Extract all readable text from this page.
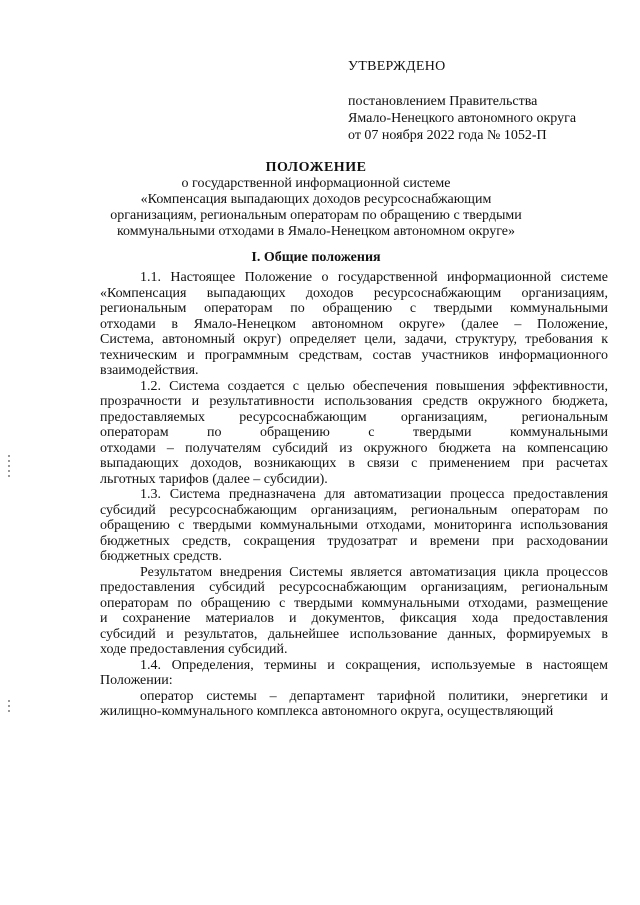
УТВЕРЖДЕНО
постановлением Правительства
Ямало-Ненецкого автономного округа
от 07 ноября 2022 года № 1052-П
ПОЛОЖЕНИЕ
о государственной информационной системе
«Компенсация выпадающих доходов ресурсоснабжающим
организациям, региональным операторам по обращению с твердыми
коммунальными отходами в Ямало-Ненецком автономном округе»
I. Общие положения
1.1. Настоящее Положение о государственной информационной системе
«Компенсация выпадающих доходов ресурсоснабжающим организациям,
региональным операторам по обращению с твердыми коммунальными
отходами в Ямало-Ненецком автономном округе» (далее – Положение,
Система, автономный округ) определяет цели, задачи, структуру, требования к
техническим и программным средствам, состав участников информационного
взаимодействия.
1.2. Система создается с целью обеспечения повышения эффективности,
прозрачности и результативности использования средств окружного бюджета,
предоставляемых ресурсоснабжающим организациям, региональным
операторам по обращению с твердыми коммунальными
отходами – получателям субсидий из окружного бюджета на компенсацию
выпадающих доходов, возникающих в связи с применением при расчетах
льготных тарифов (далее – субсидии).
1.3. Система предназначена для автоматизации процесса предоставления
субсидий ресурсоснабжающим организациям, региональным операторам по
обращению с твердыми коммунальными отходами, мониторинга использования
бюджетных средств, сокращения трудозатрат и времени при расходовании
бюджетных средств.
Результатом внедрения Системы является автоматизация цикла процессов
предоставления субсидий ресурсоснабжающим организациям, региональным
операторам по обращению с твердыми коммунальными отходами, размещение
и сохранение материалов и документов, фиксация хода предоставления
субсидий и результатов, дальнейшее использование данных, формируемых в
ходе предоставления субсидий.
1.4. Определения, термины и сокращения, используемые в настоящем
Положении:
оператор системы – департамент тарифной политики, энергетики и
жилищно-коммунального комплекса автономного округа, осуществляющий
